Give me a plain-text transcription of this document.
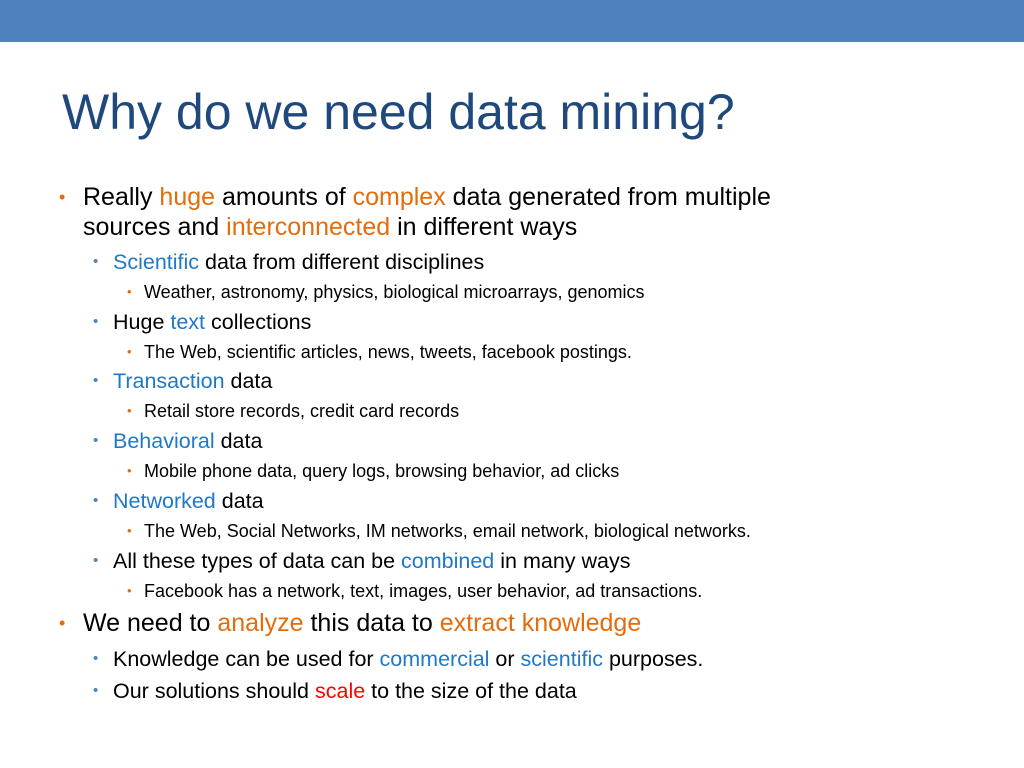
Why do we need data mining?
• Really huge amounts of complex data generated from multiple
sources and interconnected in different ways
• Scientific data from different disciplines
• Weather, astronomy, physics, biological microarrays, genomics
• Huge text collections
• The Web, scientific articles, news, tweets, facebook postings.
• Transaction data
• Retail store records, credit card records
• Behavioral data
• Mobile phone data, query logs, browsing behavior, ad clicks
• Networked data
• The Web, Social Networks, IM networks, email network, biological networks.
• All these types of data can be combined in many ways
• Facebook has a network, text, images, user behavior, ad transactions.
• We need to analyze this data to extract knowledge
• Knowledge can be used for commercial or scientific purposes.
• Our solutions should scale to the size of the data
